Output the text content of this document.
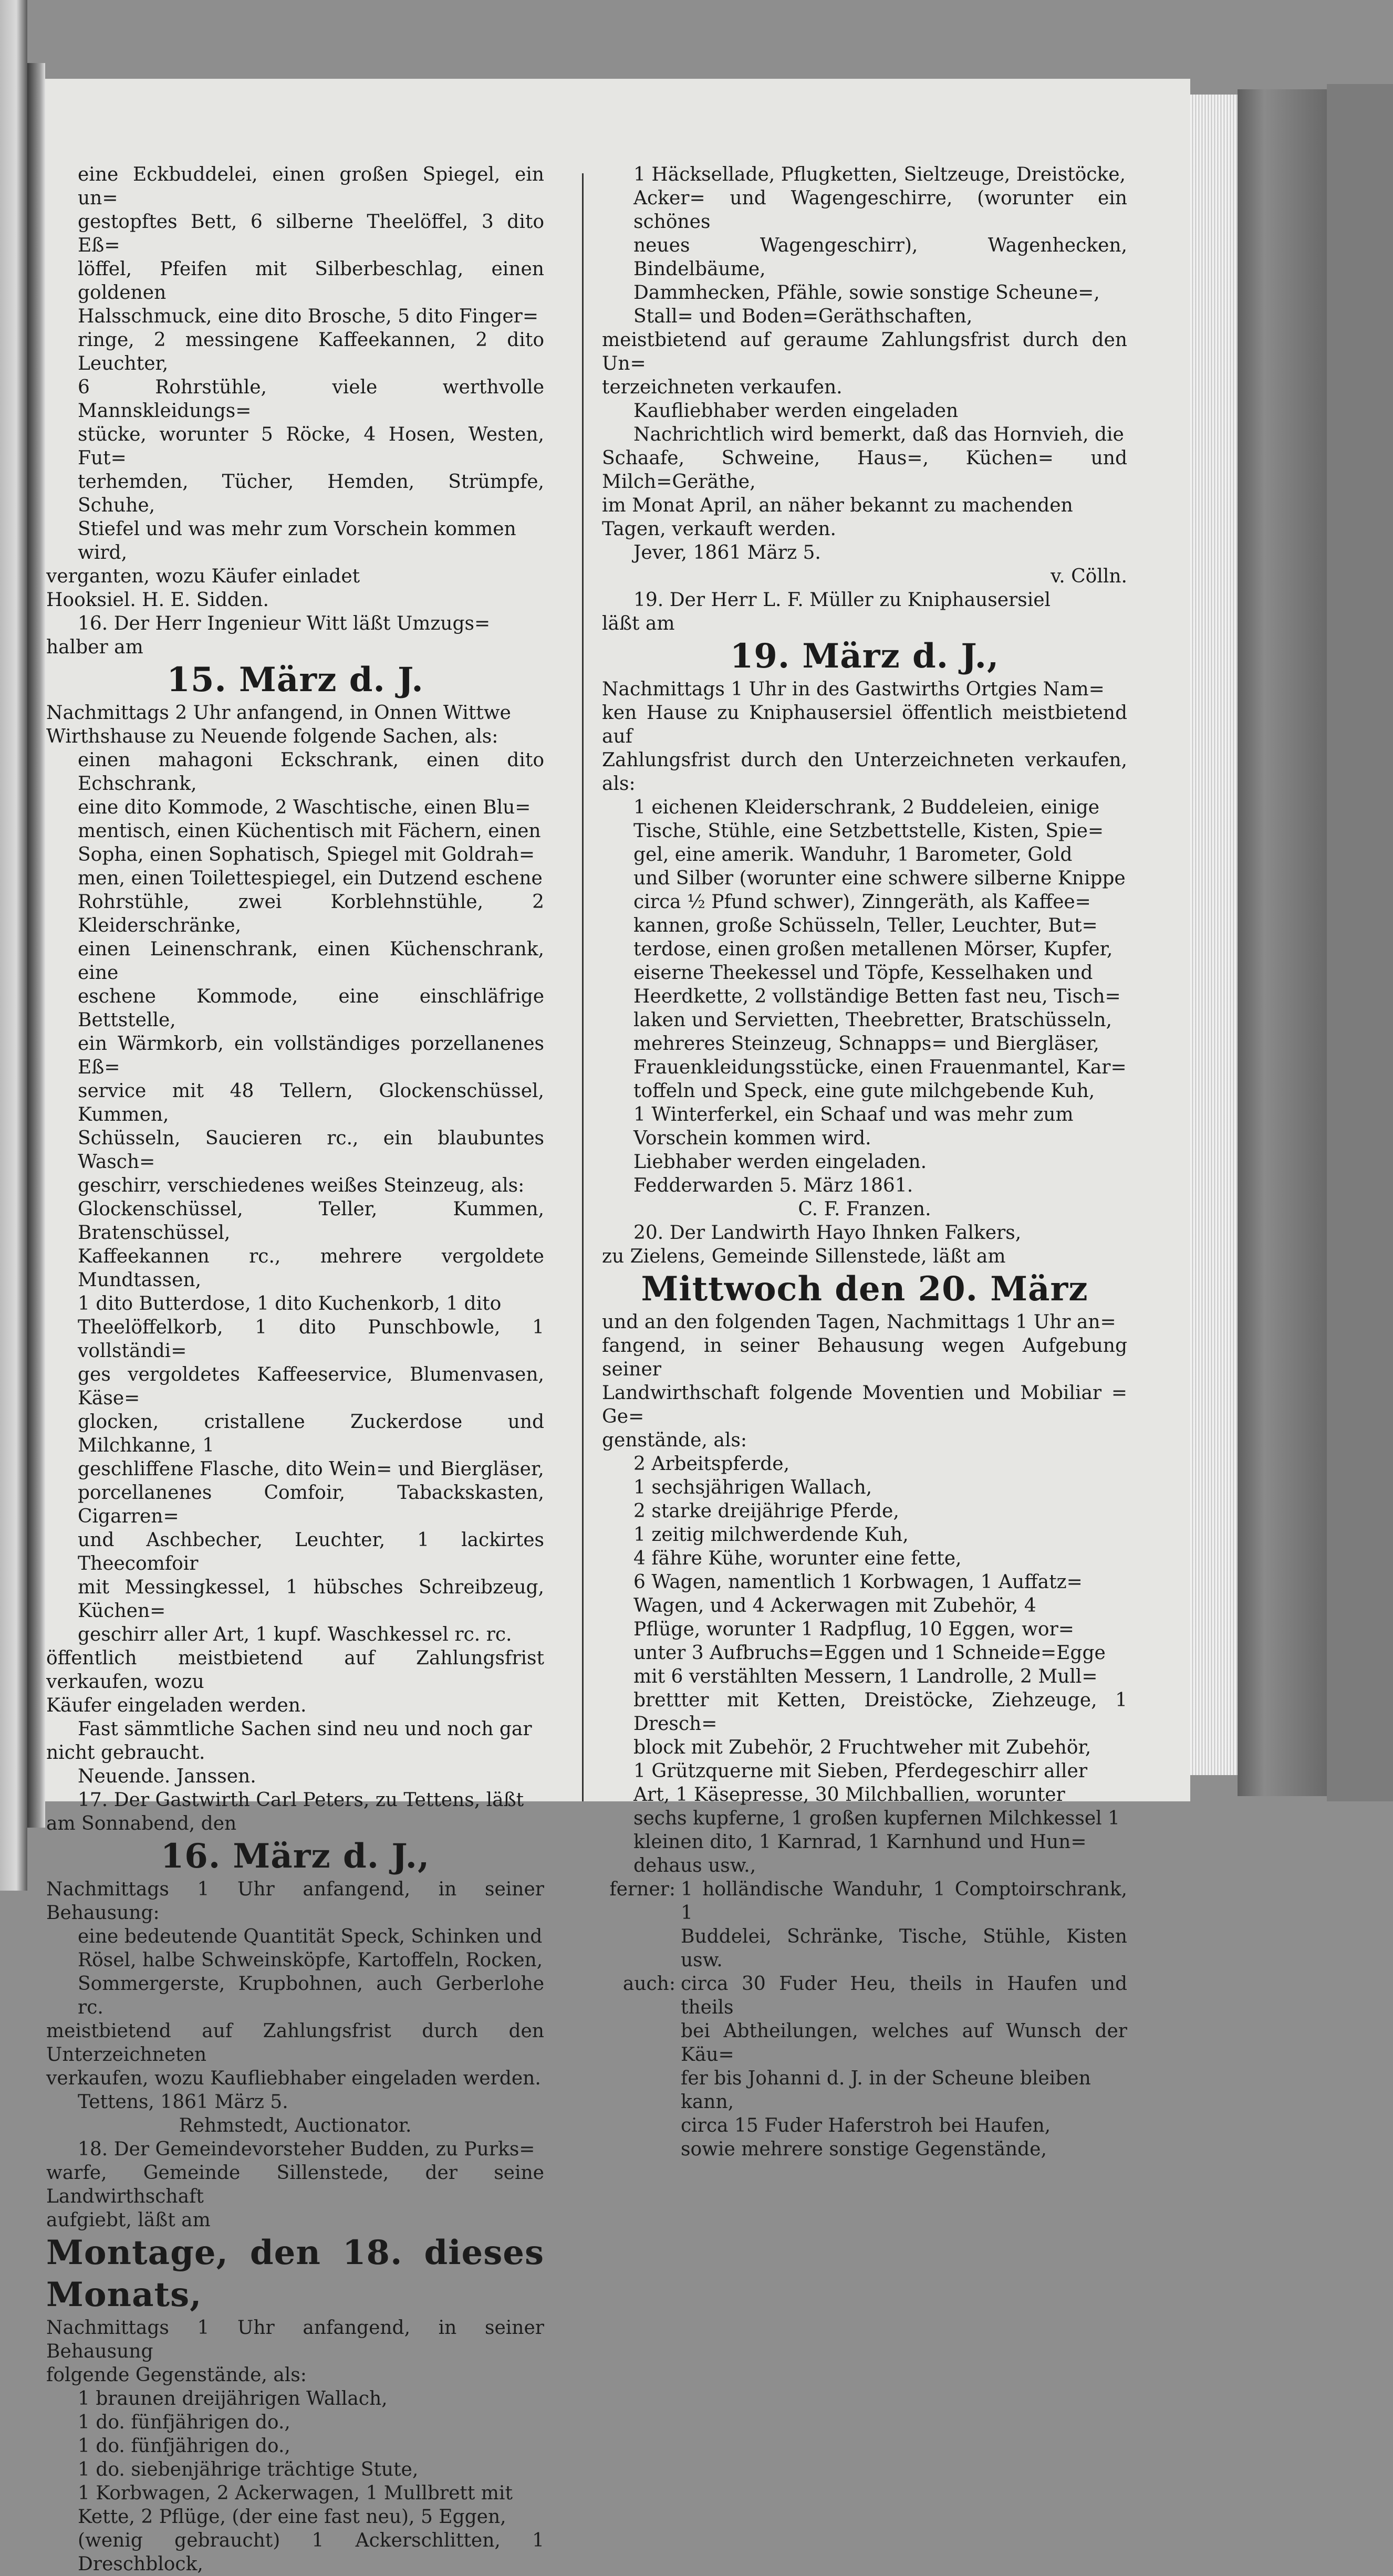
eine Eckbuddelei, einen großen Spiegel, ein un=

gestopftes Bett, 6 silberne Theelöffel, 3 dito Eß=

löffel, Pfeifen mit Silberbeschlag, einen goldenen

Halsschmuck, eine dito Brosche, 5 dito Finger=

ringe, 2 messingene Kaffeekannen, 2 dito Leuchter,

6 Rohrstühle, viele werthvolle Mannskleidungs=

stücke, worunter 5 Röcke, 4 Hosen, Westen, Fut=

terhemden, Tücher, Hemden, Strümpfe, Schuhe,

Stiefel und was mehr zum Vorschein kommen

wird,

verganten, wozu Käufer einladet

Hooksiel. H. E. Sidden.

16. Der Herr Ingenieur Witt läßt Umzugs=

halber am

15. März d. J.

Nachmittags 2 Uhr anfangend, in Onnen Wittwe

Wirthshause zu Neuende folgende Sachen, als:

einen mahagoni Eckschrank, einen dito Echschrank,

eine dito Kommode, 2 Waschtische, einen Blu=

mentisch, einen Küchentisch mit Fächern, einen

Sopha, einen Sophatisch, Spiegel mit Goldrah=

men, einen Toilettespiegel, ein Dutzend eschene

Rohrstühle, zwei Korblehnstühle, 2 Kleiderschränke,

einen Leinenschrank, einen Küchenschrank, eine

eschene Kommode, eine einschläfrige Bettstelle,

ein Wärmkorb, ein vollständiges porzellanenes Eß=

service mit 48 Tellern, Glockenschüssel, Kummen,

Schüsseln, Saucieren rc., ein blaubuntes Wasch=

geschirr, verschiedenes weißes Steinzeug, als:

Glockenschüssel, Teller, Kummen, Bratenschüssel,

Kaffeekannen rc., mehrere vergoldete Mundtassen,

1 dito Butterdose, 1 dito Kuchenkorb, 1 dito

Theelöffelkorb, 1 dito Punschbowle, 1 vollständi=

ges vergoldetes Kaffeeservice, Blumenvasen, Käse=

glocken, cristallene Zuckerdose und Milchkanne, 1

geschliffene Flasche, dito Wein= und Biergläser,

porcellanenes Comfoir, Tabackskasten, Cigarren=

und Aschbecher, Leuchter, 1 lackirtes Theecomfoir

mit Messingkessel, 1 hübsches Schreibzeug, Küchen=

geschirr aller Art, 1 kupf. Waschkessel rc. rc.

öffentlich meistbietend auf Zahlungsfrist verkaufen, wozu

Käufer eingeladen werden.

Fast sämmtliche Sachen sind neu und noch gar

nicht gebraucht.

Neuende. Janssen.

17. Der Gastwirth Carl Peters, zu Tettens, läßt

am Sonnabend, den

16. März d. J.,

Nachmittags 1 Uhr anfangend, in seiner Behausung:

eine bedeutende Quantität Speck, Schinken und

Rösel, halbe Schweinsköpfe, Kartoffeln, Rocken,

Sommergerste, Krupbohnen, auch Gerberlohe rc.

meistbietend auf Zahlungsfrist durch den Unterzeichneten

verkaufen, wozu Kaufliebhaber eingeladen werden.

Tettens, 1861 März 5.

Rehmstedt, Auctionator.

18. Der Gemeindevorsteher Budden, zu Purks=

warfe, Gemeinde Sillenstede, der seine Landwirthschaft

aufgiebt, läßt am

Montage, den 18. dieses Monats,

Nachmittags 1 Uhr anfangend, in seiner Behausung

folgende Gegenstände, als:

1 braunen dreijährigen Wallach,

1 do. fünfjährigen do.,

1 do. fünfjährigen do.,

1 do. siebenjährige trächtige Stute,

1 Korbwagen, 2 Ackerwagen, 1 Mullbrett mit

Kette, 2 Pflüge, (der eine fast neu), 5 Eggen,

(wenig gebraucht) 1 Ackerschlitten, 1 Dreschblock,

1 Häcksellade, Pflugketten, Sieltzeuge, Dreistöcke,

Acker= und Wagengeschirre, (worunter ein schönes

neues Wagengeschirr), Wagenhecken, Bindelbäume,

Dammhecken, Pfähle, sowie sonstige Scheune=,

Stall= und Boden=Geräthschaften,

meistbietend auf geraume Zahlungsfrist durch den Un=

terzeichneten verkaufen.

Kaufliebhaber werden eingeladen

Nachrichtlich wird bemerkt, daß das Hornvieh, die

Schaafe, Schweine, Haus=, Küchen= und Milch=Geräthe,

im Monat April, an näher bekannt zu machenden

Tagen, verkauft werden.

Jever, 1861 März 5.

v. Cölln.

19. Der Herr L. F. Müller zu Kniphausersiel

läßt am

19. März d. J.,

Nachmittags 1 Uhr in des Gastwirths Ortgies Nam=

ken Hause zu Kniphausersiel öffentlich meistbietend auf

Zahlungsfrist durch den Unterzeichneten verkaufen, als:

1 eichenen Kleiderschrank, 2 Buddeleien, einige

Tische, Stühle, eine Setzbettstelle, Kisten, Spie=

gel, eine amerik. Wanduhr, 1 Barometer, Gold

und Silber (worunter eine schwere silberne Knippe

circa ½ Pfund schwer), Zinngeräth, als Kaffee=

kannen, große Schüsseln, Teller, Leuchter, But=

terdose, einen großen metallenen Mörser, Kupfer,

eiserne Theekessel und Töpfe, Kesselhaken und

Heerdkette, 2 vollständige Betten fast neu, Tisch=

laken und Servietten, Theebretter, Bratschüsseln,

mehreres Steinzeug, Schnapps= und Biergläser,

Frauenkleidungsstücke, einen Frauenmantel, Kar=

toffeln und Speck, eine gute milchgebende Kuh,

1 Winterferkel, ein Schaaf und was mehr zum

Vorschein kommen wird.

Liebhaber werden eingeladen.

Fedderwarden 5. März 1861.

C. F. Franzen.

20. Der Landwirth Hayo Ihnken Falkers,

zu Zielens, Gemeinde Sillenstede, läßt am

Mittwoch den 20. März

und an den folgenden Tagen, Nachmittags 1 Uhr an=

fangend, in seiner Behausung wegen Aufgebung seiner

Landwirthschaft folgende Moventien und Mobiliar = Ge=

genstände, als:

2 Arbeitspferde,

1 sechsjährigen Wallach,

2 starke dreijährige Pferde,

1 zeitig milchwerdende Kuh,

4 fähre Kühe, worunter eine fette,

6 Wagen, namentlich 1 Korbwagen, 1 Auffatz=

Wagen, und 4 Ackerwagen mit Zubehör, 4

Pflüge, worunter 1 Radpflug, 10 Eggen, wor=

unter 3 Aufbruchs=Eggen und 1 Schneide=Egge

mit 6 verstählten Messern, 1 Landrolle, 2 Mull=

brettter mit Ketten, Dreistöcke, Ziehzeuge, 1 Dresch=

block mit Zubehör, 2 Fruchtweher mit Zubehör,

1 Grützquerne mit Sieben, Pferdegeschirr aller

Art, 1 Käsepresse, 30 Milchballien, worunter

sechs kupferne, 1 großen kupfernen Milchkessel 1

kleinen dito, 1 Karnrad, 1 Karnhund und Hun=

dehaus usw.,

ferner: 1 holländische Wanduhr, 1 Comptoirschrank, 1
Buddelei, Schränke, Tische, Stühle, Kisten usw.
auch: circa 30 Fuder Heu, theils in Haufen und theils
bei Abtheilungen, welches auf Wunsch der Käu=
fer bis Johanni d. J. in der Scheune bleiben
kann,
circa 15 Fuder Haferstroh bei Haufen,
sowie mehrere sonstige Gegenstände,
